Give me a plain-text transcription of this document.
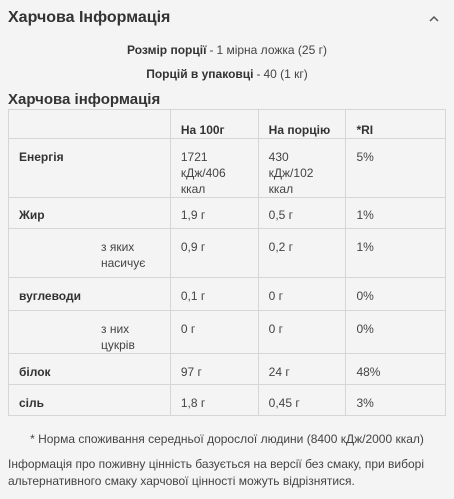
Харчова Інформація
Розмір порції - 1 мірна ложка (25 г)
Порцій в упаковці - 40 (1 кг)
Харчова інформація
	На 100г	На порцію	*RI
Енергія	1721 кДж/406 ккал	430 кДж/102 ккал	5%
Жир	1,9 г	0,5 г	1%
з яких насичує	0,9 г	0,2 г	1%
вуглеводи	0,1 г	0 г	0%
з них цукрів	0 г	0 г	0%
білок	97 г	24 г	48%
сіль	1,8 г	0,45 г	3%
* Норма споживання середньої дорослої людини (8400 кДж/2000 ккал)
Інформація про поживну цінність базується на версії без смаку, при виборі альтернативного смаку харчової цінності можуть відрізнятися.
